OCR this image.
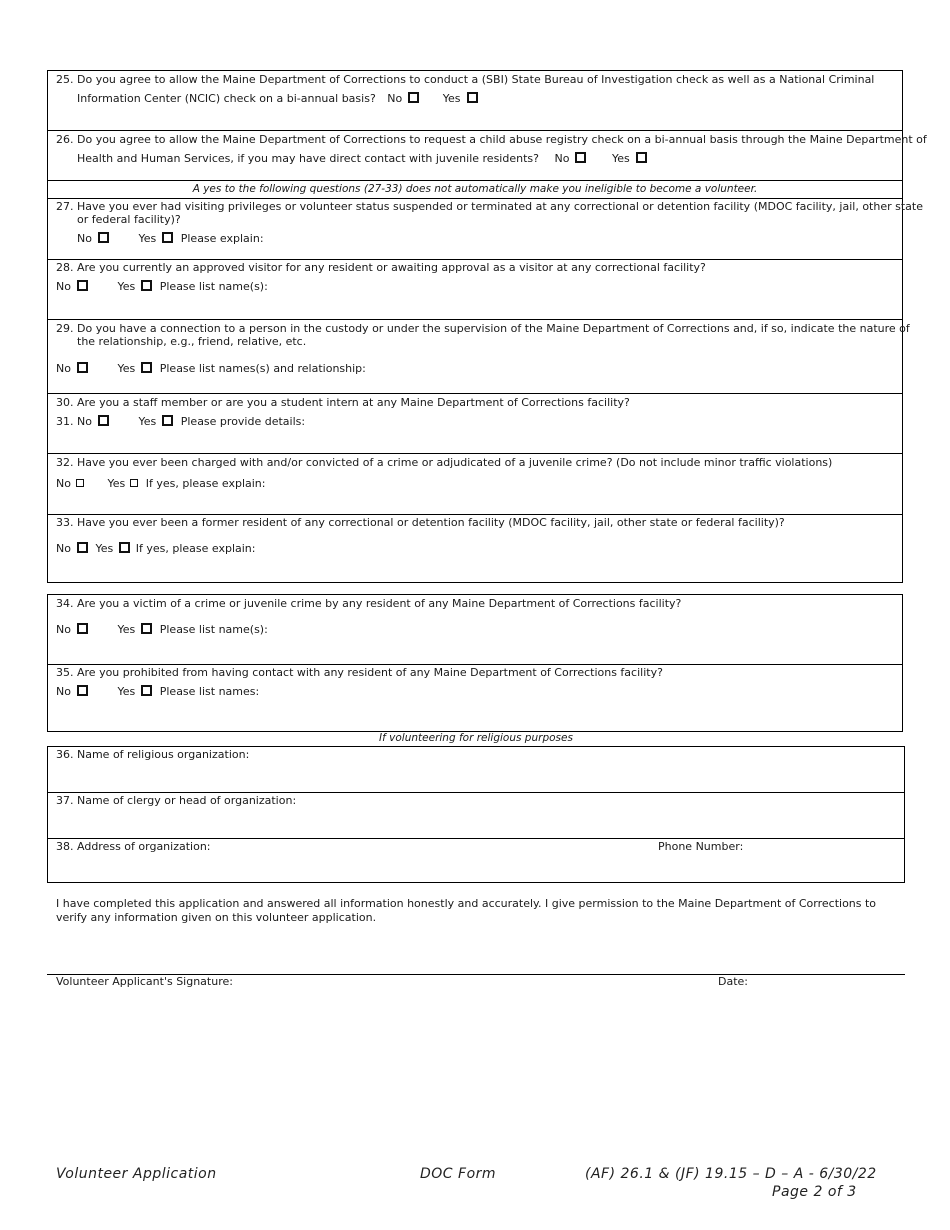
25. Do you agree to allow the Maine Department of Corrections to conduct a (SBI) State Bureau of Investigation check as well as a National Criminal
Information Center (NCIC) check on a bi-annual basis? No	Yes
26. Do you agree to allow the Maine Department of Corrections to request a child abuse registry check on a bi-annual basis through the Maine Department of
Health and Human Services, if you may have direct contact with juvenile residents? No	Yes
A yes to the following questions (27-33) does not automatically make you ineligible to become a volunteer.
27. Have you ever had visiting privileges or volunteer status suspended or terminated at any correctional or detention facility (MDOC facility, jail, other state
or federal facility)?
No	Yes Please explain:
28. Are you currently an approved visitor for any resident or awaiting approval as a visitor at any correctional facility?
No	Yes Please list name(s):
29. Do you have a connection to a person in the custody or under the supervision of the Maine Department of Corrections and, if so, indicate the nature of
the relationship, e.g., friend, relative, etc.
No	Yes Please list names(s) and relationship:
30. Are you a staff member or are you a student intern at any Maine Department of Corrections facility?
31. No	Yes Please provide details:
32. Have you ever been charged with and/or convicted of a crime or adjudicated of a juvenile crime? (Do not include minor traffic violations)
No	Yes If yes, please explain:
33. Have you ever been a former resident of any correctional or detention facility (MDOC facility, jail, other state or federal facility)?
No Yes If yes, please explain:
34. Are you a victim of a crime or juvenile crime by any resident of any Maine Department of Corrections facility?
No	Yes Please list name(s):
35. Are you prohibited from having contact with any resident of any Maine Department of Corrections facility?
No	Yes Please list names:
If volunteering for religious purposes
36. Name of religious organization:
37. Name of clergy or head of organization:
38. Address of organization:	Phone Number:
I have completed this application and answered all information honestly and accurately. I give permission to the Maine Department of Corrections to
verify any information given on this volunteer application.
Volunteer Applicant's Signature:	Date:
Volunteer Application	DOC Form	(AF) 26.1 & (JF) 19.15 – D – A - 6/30/22
Page 2 of 3
